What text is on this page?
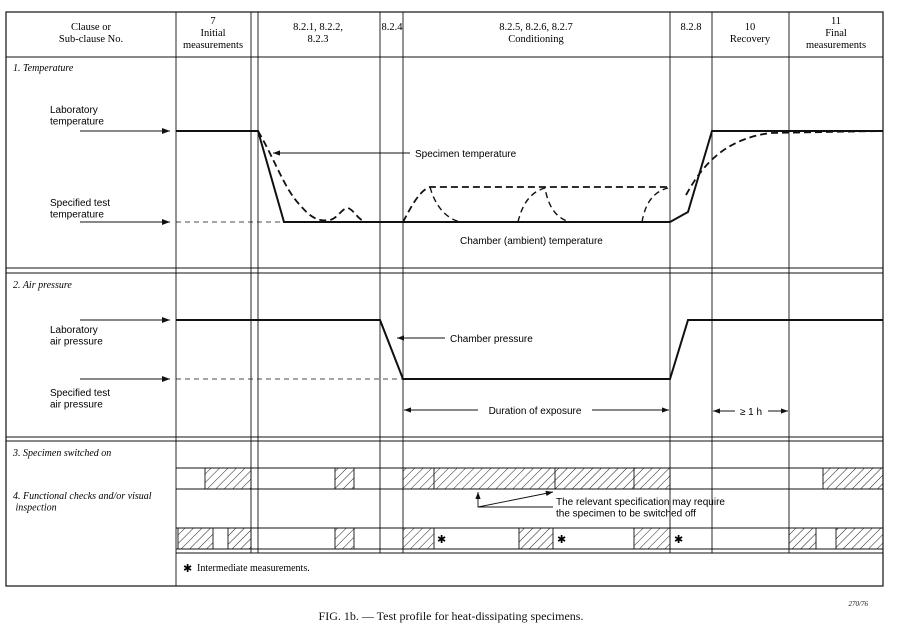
Clause or Sub-clause No.
7 Initial measurements
8.2.1, 8.2.2, 8.2.3
8.2.4	8.2.5, 8.2.6, 8.2.7 Conditioning
8.2.8	10 Recovery
11 Final measurements
1. Temperature
Laboratory temperature
Specified test temperature
Specimen temperature
Chamber (ambient) temperature
2. Air pressure
Laboratory air pressure
Specified test air pressure
Chamber pressure
Duration of exposure	≥ 1 h
3. Specimen switched on
4. Functional checks and/or visual inspection
✱	✱	✱
The relevant specification may require the specimen to be switched off
✱ Intermediate measurements.
270/76
FIG. 1b. — Test profile for heat-dissipating specimens.
